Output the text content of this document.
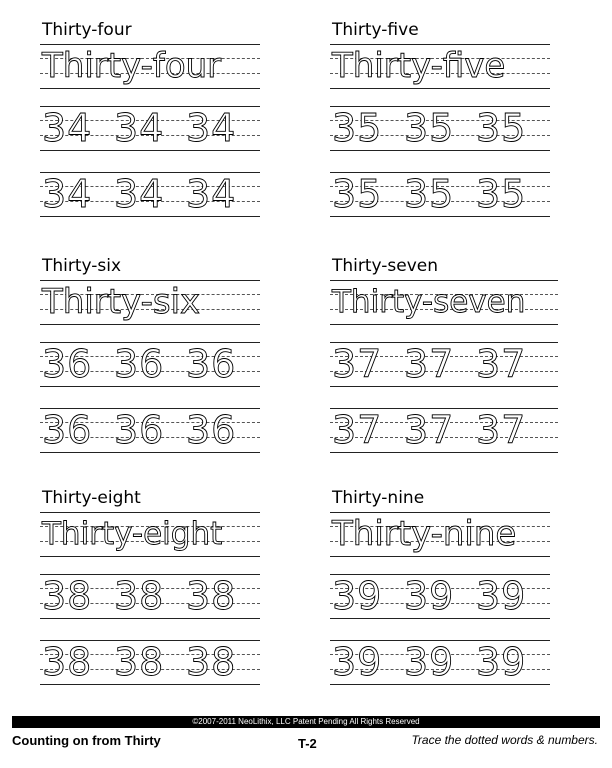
Thirty-four
Thirty-four
34 34 34
34 34 34
Thirty-five
Thirty-five
35 35 35
35 35 35
Thirty-six
Thirty-six
36 36 36
36 36 36
Thirty-seven
Thirty-seven
37 37 37
37 37 37
Thirty-eight
Thirty-eight
38 38 38
38 38 38
Thirty-nine
Thirty-nine
39 39 39
39 39 39
©2007-2011 NeoLithix, LLC Patent Pending All Rights Reserved
Counting on from Thirty	T-2	Trace the dotted words & numbers.
